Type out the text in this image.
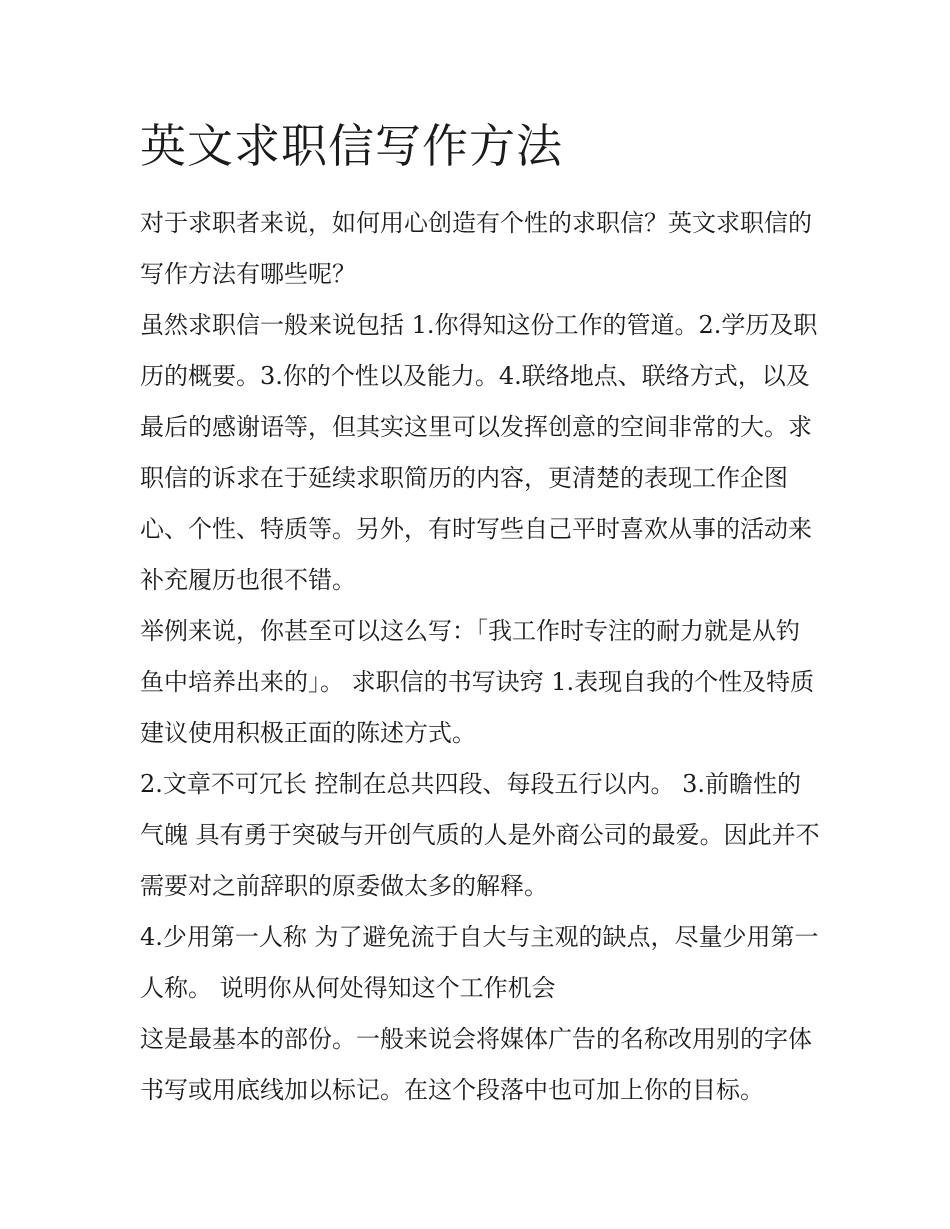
英文求职信写作方法

对于求职者来说，如何用心创造有个性的求职信？英文求职信的写作方法有哪些呢？

虽然求职信一般来说包括 1.你得知这份工作的管道。2.学历及职历的概要。3.你的个性以及能力。4.联络地点、联络方式，以及最后的感谢语等，但其实这里可以发挥创意的空间非常的大。求职信的诉求在于延续求职简历的内容，更清楚的表现工作企图心、个性、特质等。另外，有时写些自己平时喜欢从事的活动来补充履历也很不错。

举例来说，你甚至可以这么写：「我工作时专注的耐力就是从钓鱼中培养出来的」。 求职信的书写诀窍 1.表现自我的个性及特质 建议使用积极正面的陈述方式。

2.文章不可冗长 控制在总共四段、每段五行以内。 3.前瞻性的气魄 具有勇于突破与开创气质的人是外商公司的最爱。因此并不需要对之前辞职的原委做太多的解释。

4.少用第一人称 为了避免流于自大与主观的缺点，尽量少用第一人称。 说明你从何处得知这个工作机会

这是最基本的部份。一般来说会将媒体广告的名称改用别的字体书写或用底线加以标记。在这个段落中也可加上你的目标。
